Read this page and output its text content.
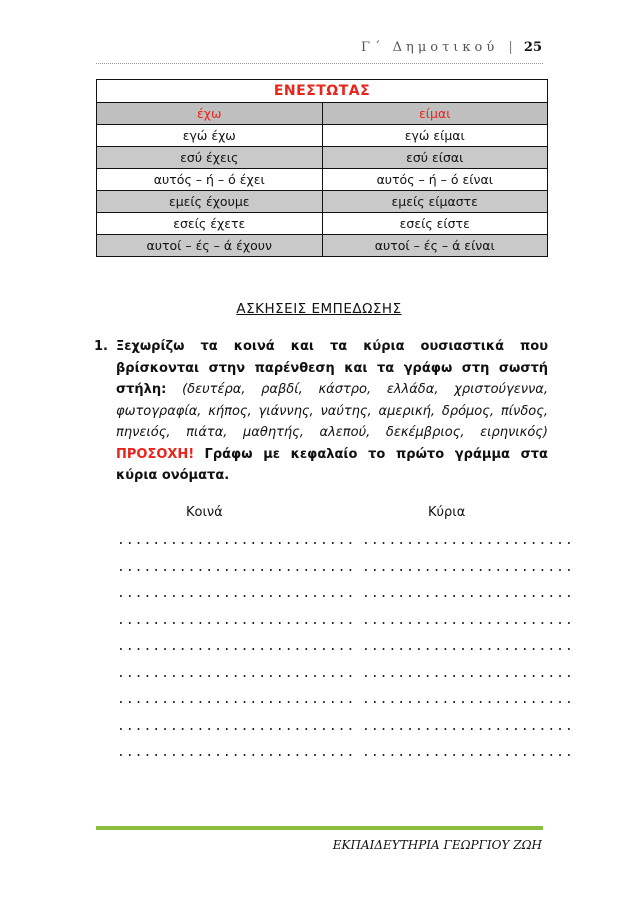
Γ΄ Δημοτικού | 25
ΕΝΕΣΤΩΤΑΣ	
έχω	είμαι
εγώ έχω	εγώ είμαι
εσύ έχεις	εσύ είσαι
αυτός – ή – ό έχει	αυτός – ή – ό είναι
εμείς έχουμε	εμείς είμαστε
εσείς έχετε	εσείς είστε
αυτοί – ές – ά έχουν	αυτοί – ές – ά είναι
ΑΣΚΗΣΕΙΣ ΕΜΠΕΔΩΣΗΣ
1. Ξεχωρίζω τα κοινά και τα κύρια ουσιαστικά που βρίσκονται στην παρένθεση και τα γράφω στη σωστή στήλη: (δευτέρα, ραβδί, κάστρο, ελλάδα, χριστούγεννα, φωτογραφία, κήπος, γιάννης, ναύτης, αμερική, δρόμος, πίνδος, πηνειός, πιάτα, μαθητής, αλεπού, δεκέμβριος, ειρηνικός) ΠΡΟΣΟΧΗ! Γράφω με κεφαλαίο το πρώτο γράμμα στα κύρια ονόματα.
Κοινά	Κύρια
........................... ........................
........................... ........................
........................... ........................
........................... ........................
........................... ........................
........................... ........................
........................... ........................
........................... ........................
........................... ........................
ΕΚΠΑΙΔΕΥΤΗΡΙΑ ΓΕΩΡΓΙΟΥ ΖΩΗ
